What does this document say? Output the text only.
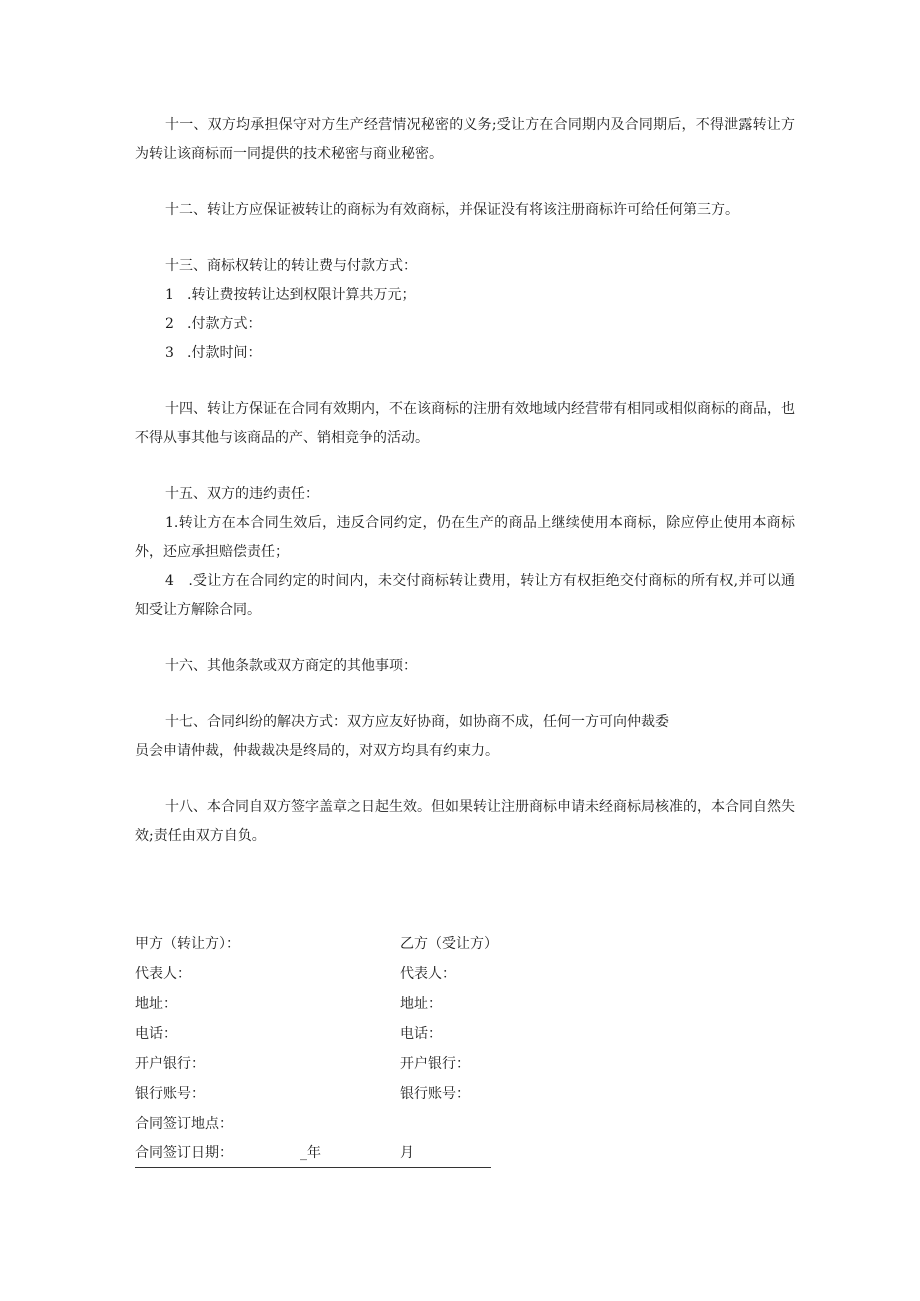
十一、双方均承担保守对方生产经营情况秘密的义务;受让方在合同期内及合同期后，不得泄露转让方为转让该商标而一同提供的技术秘密与商业秘密。

十二、转让方应保证被转让的商标为有效商标，并保证没有将该注册商标许可给任何第三方。

十三、商标权转让的转让费与付款方式：

1 .转让费按转让达到权限计算共万元；

2 .付款方式：

3 .付款时间：

十四、转让方保证在合同有效期内，不在该商标的注册有效地域内经营带有相同或相似商标的商品，也不得从事其他与该商品的产、销相竞争的活动。

十五、双方的违约责任：

1.转让方在本合同生效后，违反合同约定，仍在生产的商品上继续使用本商标，除应停止使用本商标外，还应承担赔偿责任；

4　.受让方在合同约定的时间内，未交付商标转让费用，转让方有权拒绝交付商标的所有权,并可以通知受让方解除合同。

十六、其他条款或双方商定的其他事项：

十七、合同纠纷的解决方式：双方应友好协商，如协商不成，任何一方可向仲裁委

员会申请仲裁，仲裁裁决是终局的，对双方均具有约束力。

十八、本合同自双方签字盖章之日起生效。但如果转让注册商标申请未经商标局核准的，本合同自然失效;责任由双方自负。

甲方（转让方）：	乙方（受让方）
代表人：	代表人：
地址：	地址：
电话：	电话：
开户银行：	开户银行：
银行账号：	银行账号：
合同签订地点：
合同签订日期：	_年	月
